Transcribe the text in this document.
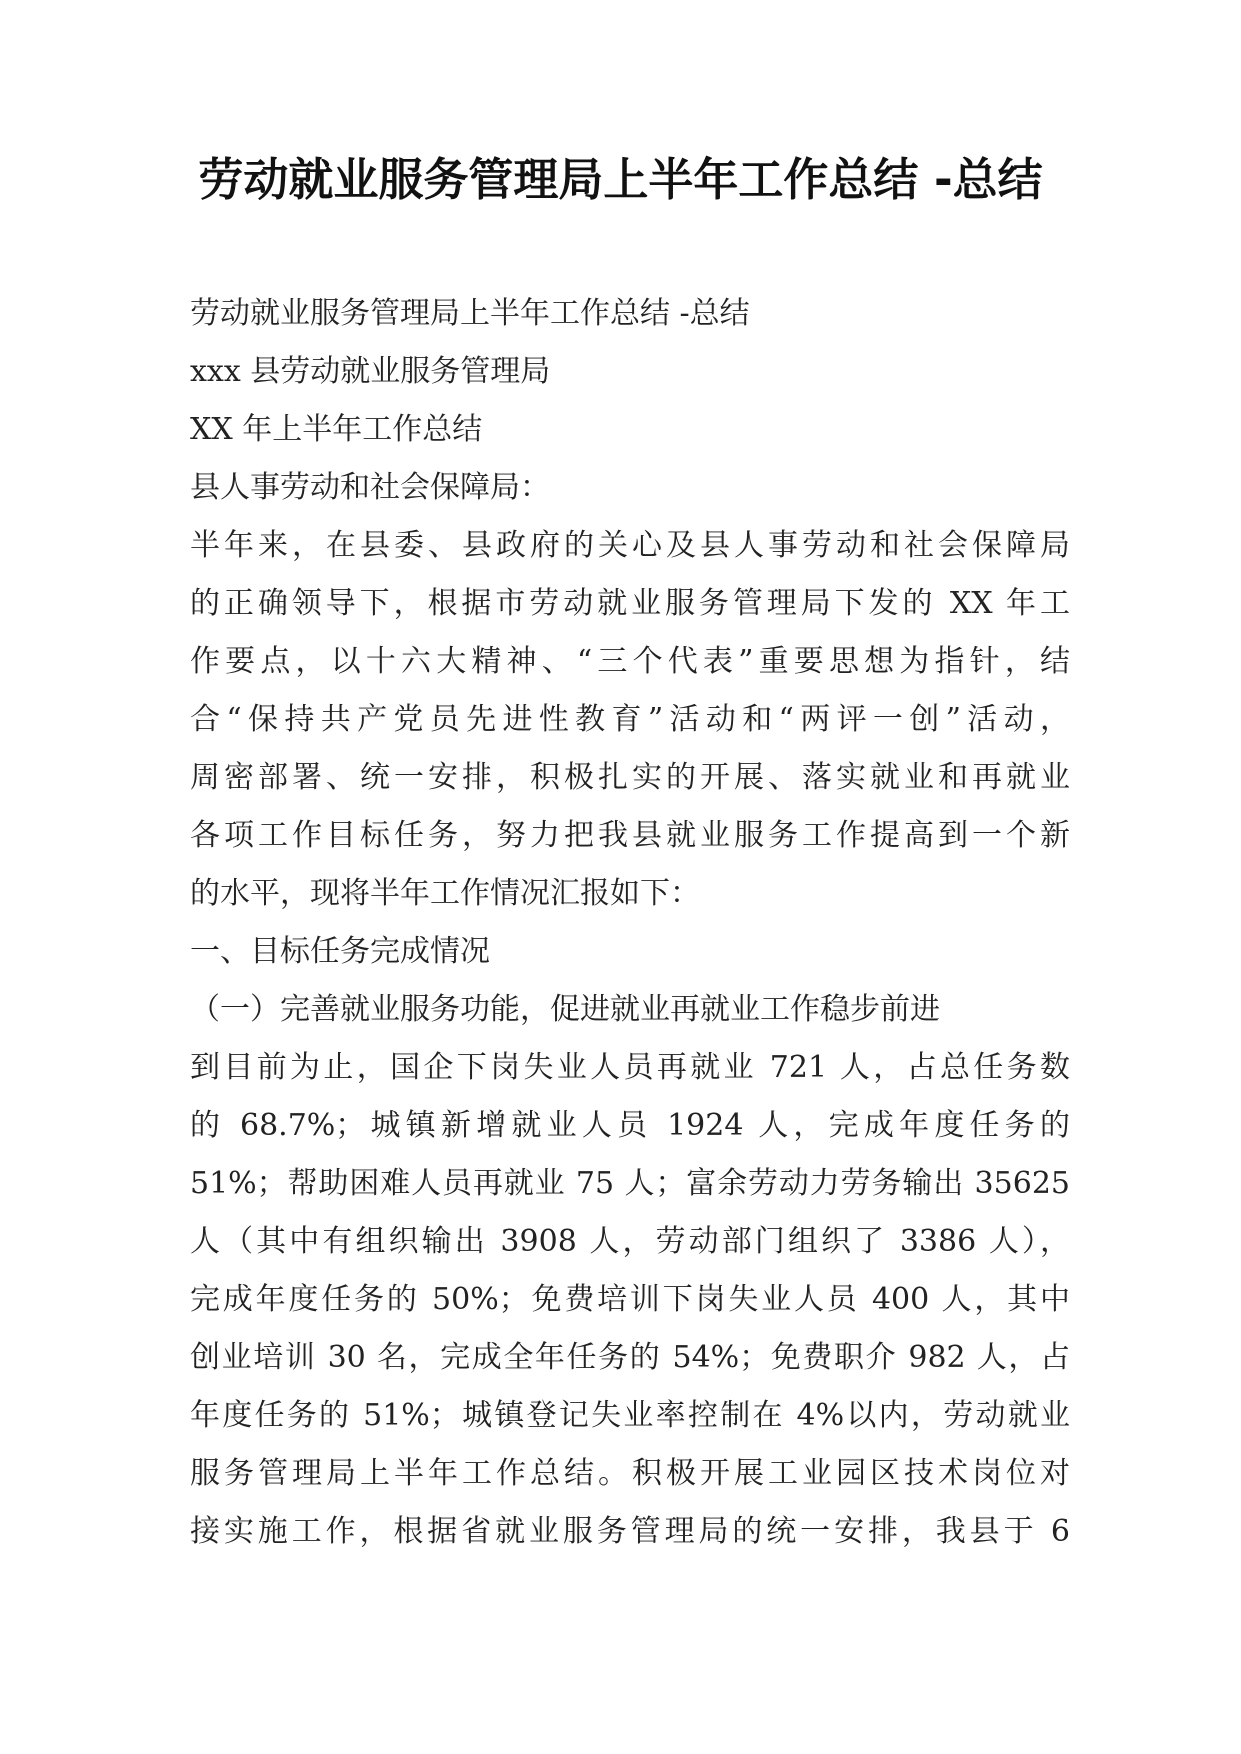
劳动就业服务管理局上半年工作总结 -总结
劳动就业服务管理局上半年工作总结 -总结
xxx 县劳动就业服务管理局
XX 年上半年工作总结
县人事劳动和社会保障局：
半年来，在县委、县政府的关心及县人事劳动和社会保障局
的正确领导下，根据市劳动就业服务管理局下发的 XX 年工
作要点，以十六大精神、“三个代表”重要思想为指针，结
合“保持共产党员先进性教育”活动和“两评一创”活动，
周密部署、统一安排，积极扎实的开展、落实就业和再就业
各项工作目标任务，努力把我县就业服务工作提高到一个新
的水平，现将半年工作情况汇报如下：
一、目标任务完成情况
（一）完善就业服务功能，促进就业再就业工作稳步前进
到目前为止，国企下岗失业人员再就业 721 人，占总任务数
的 68.7%；城镇新增就业人员 1924 人，完成年度任务的
51%；帮助困难人员再就业 75 人；富余劳动力劳务输出 35625
人（其中有组织输出 3908 人，劳动部门组织了 3386 人），
完成年度任务的 50%；免费培训下岗失业人员 400 人，其中
创业培训 30 名，完成全年任务的 54%；免费职介 982 人，占
年度任务的 51%；城镇登记失业率控制在 4%以内，劳动就业
服务管理局上半年工作总结。积极开展工业园区技术岗位对
接实施工作，根据省就业服务管理局的统一安排，我县于 6
